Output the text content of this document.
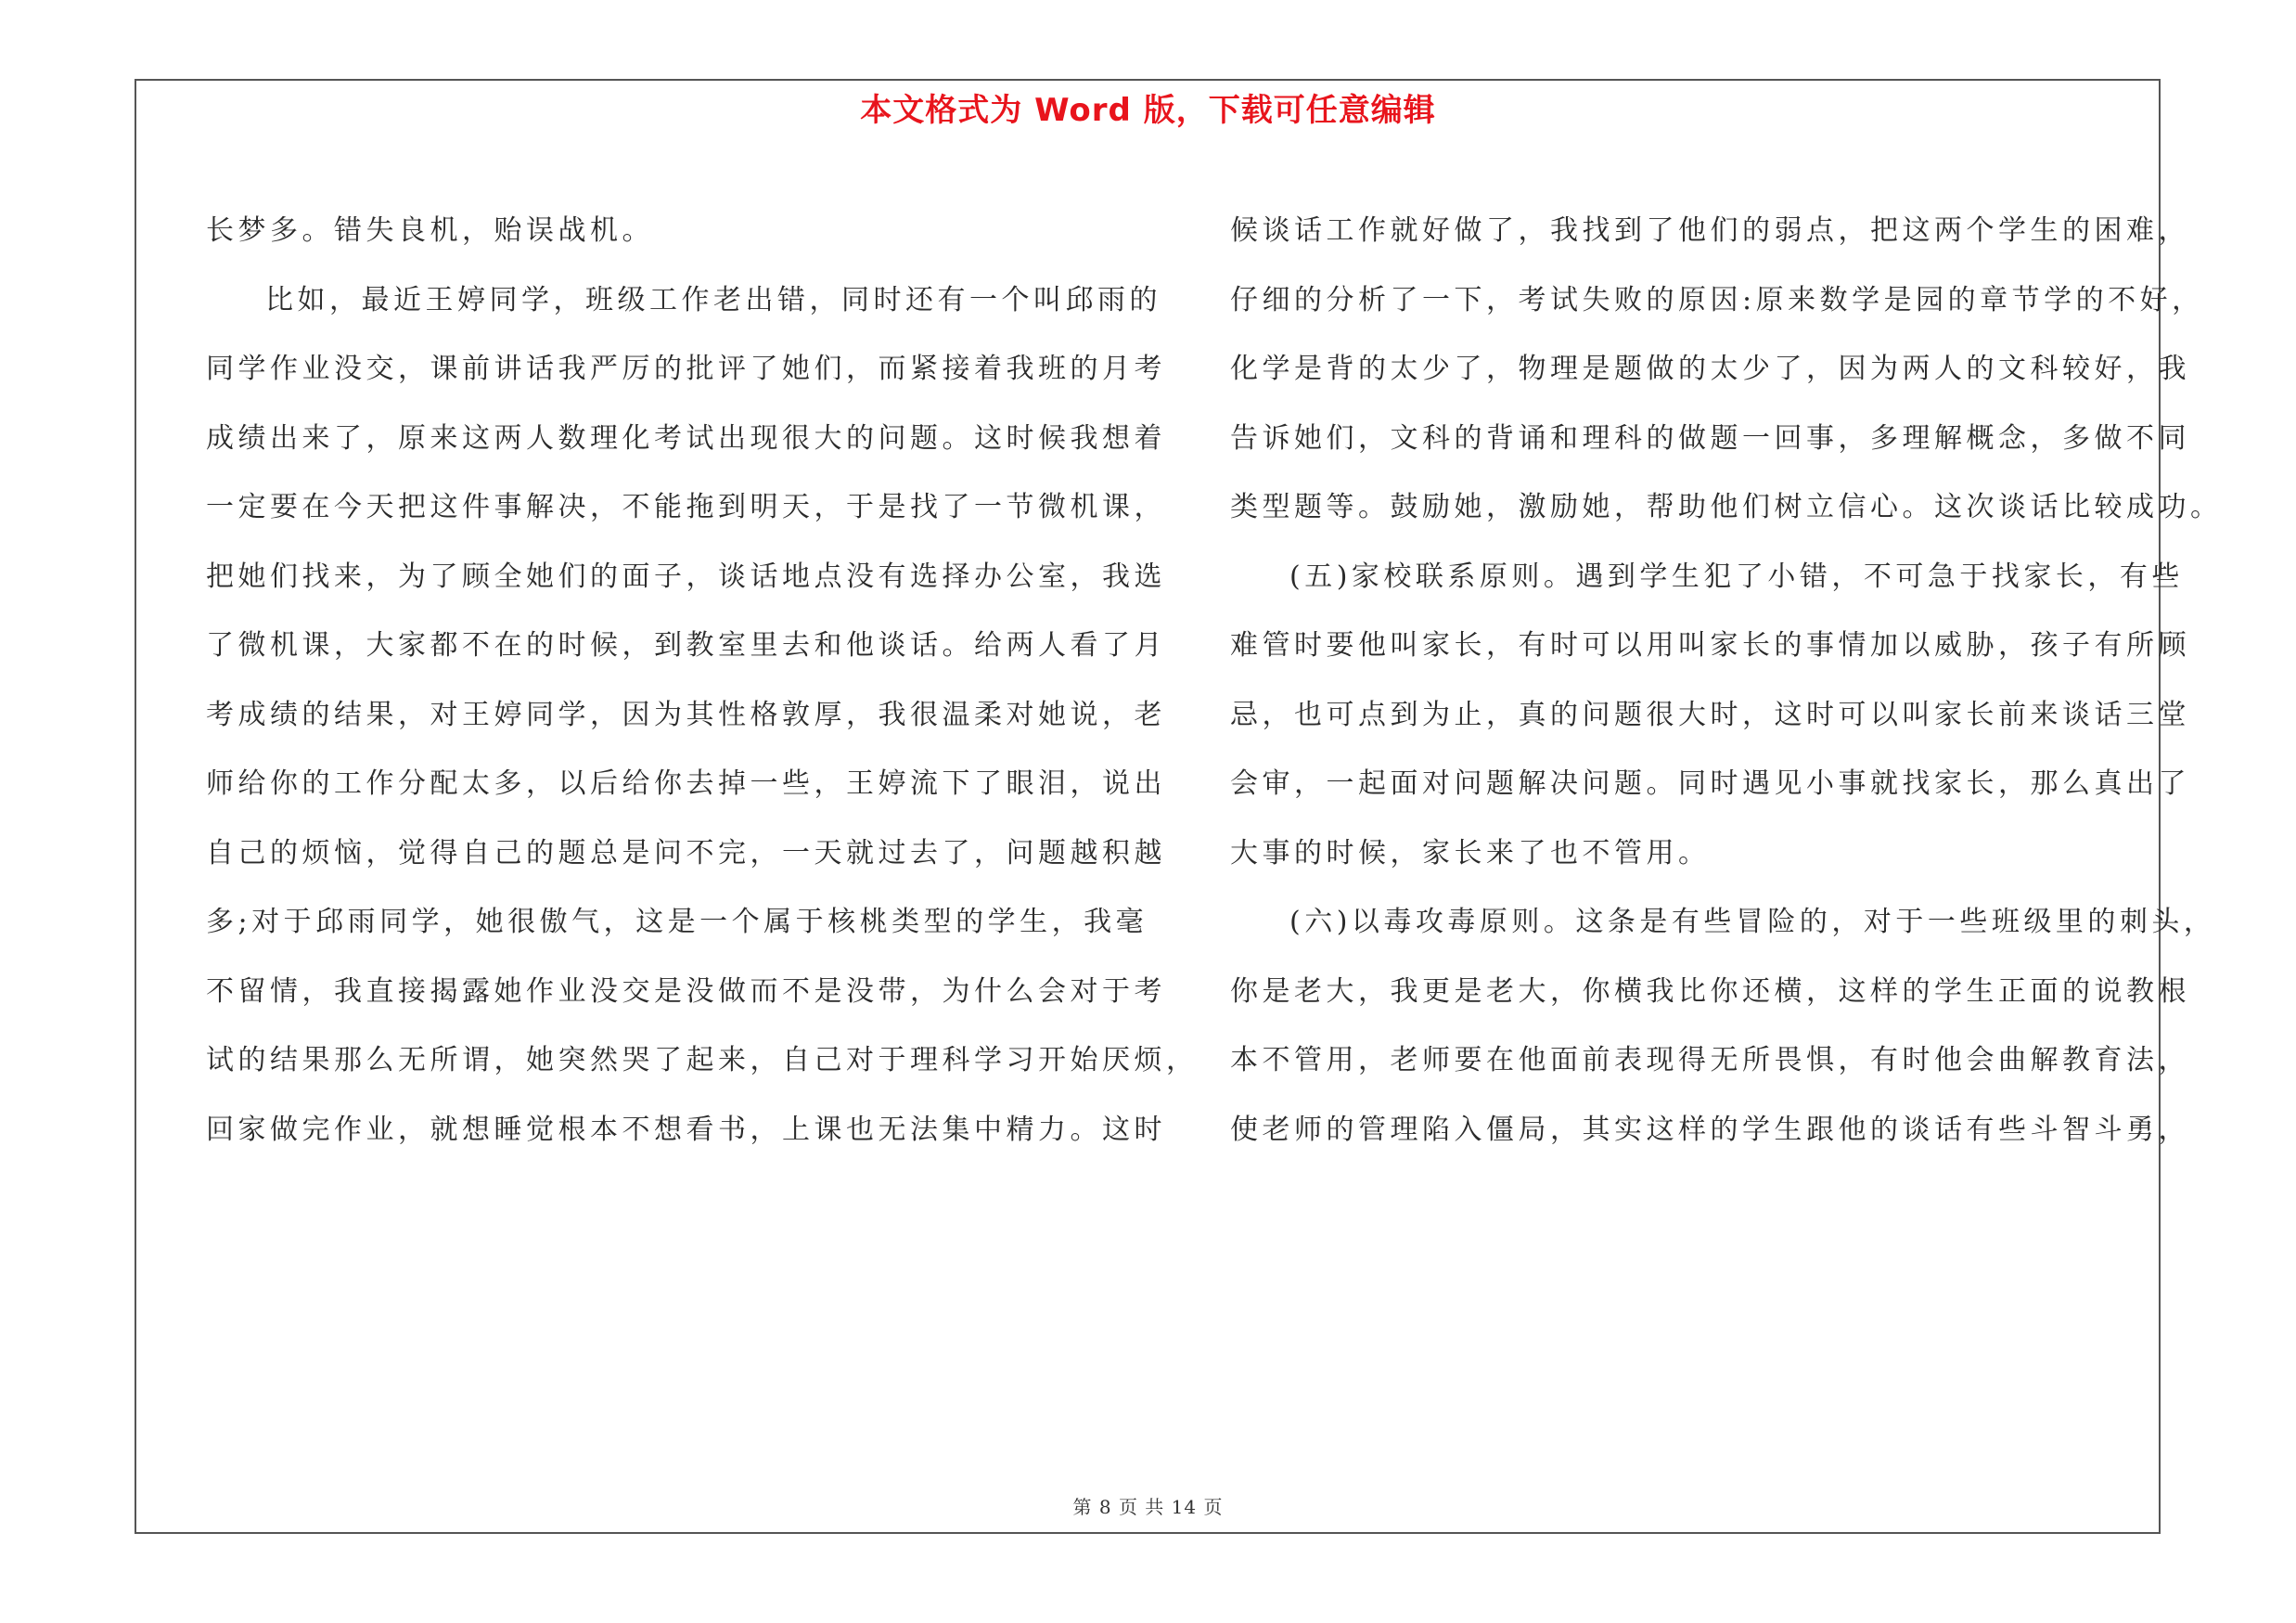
本文格式为 Word 版，下载可任意编辑
长梦多。错失良机，贻误战机。
比如，最近王婷同学，班级工作老出错，同时还有一个叫邱雨的
同学作业没交，课前讲话我严厉的批评了她们，而紧接着我班的月考
成绩出来了，原来这两人数理化考试出现很大的问题。这时候我想着
一定要在今天把这件事解决，不能拖到明天，于是找了一节微机课，
把她们找来，为了顾全她们的面子，谈话地点没有选择办公室，我选
了微机课，大家都不在的时候，到教室里去和他谈话。给两人看了月
考成绩的结果，对王婷同学，因为其性格敦厚，我很温柔对她说，老
师给你的工作分配太多，以后给你去掉一些，王婷流下了眼泪，说出
自己的烦恼，觉得自己的题总是问不完，一天就过去了，问题越积越
多;对于邱雨同学，她很傲气，这是一个属于核桃类型的学生，我毫
不留情，我直接揭露她作业没交是没做而不是没带，为什么会对于考
试的结果那么无所谓，她突然哭了起来，自己对于理科学习开始厌烦，
回家做完作业，就想睡觉根本不想看书，上课也无法集中精力。这时
候谈话工作就好做了，我找到了他们的弱点，把这两个学生的困难，
仔细的分析了一下，考试失败的原因:原来数学是园的章节学的不好，
化学是背的太少了，物理是题做的太少了，因为两人的文科较好，我
告诉她们，文科的背诵和理科的做题一回事，多理解概念，多做不同
类型题等。鼓励她，激励她，帮助他们树立信心。这次谈话比较成功。
(五)家校联系原则。遇到学生犯了小错，不可急于找家长，有些
难管时要他叫家长，有时可以用叫家长的事情加以威胁，孩子有所顾
忌，也可点到为止，真的问题很大时，这时可以叫家长前来谈话三堂
会审，一起面对问题解决问题。同时遇见小事就找家长，那么真出了
大事的时候，家长来了也不管用。
(六)以毒攻毒原则。这条是有些冒险的，对于一些班级里的刺头，
你是老大，我更是老大，你横我比你还横，这样的学生正面的说教根
本不管用，老师要在他面前表现得无所畏惧，有时他会曲解教育法，
使老师的管理陷入僵局，其实这样的学生跟他的谈话有些斗智斗勇，
第 8 页 共 14 页
